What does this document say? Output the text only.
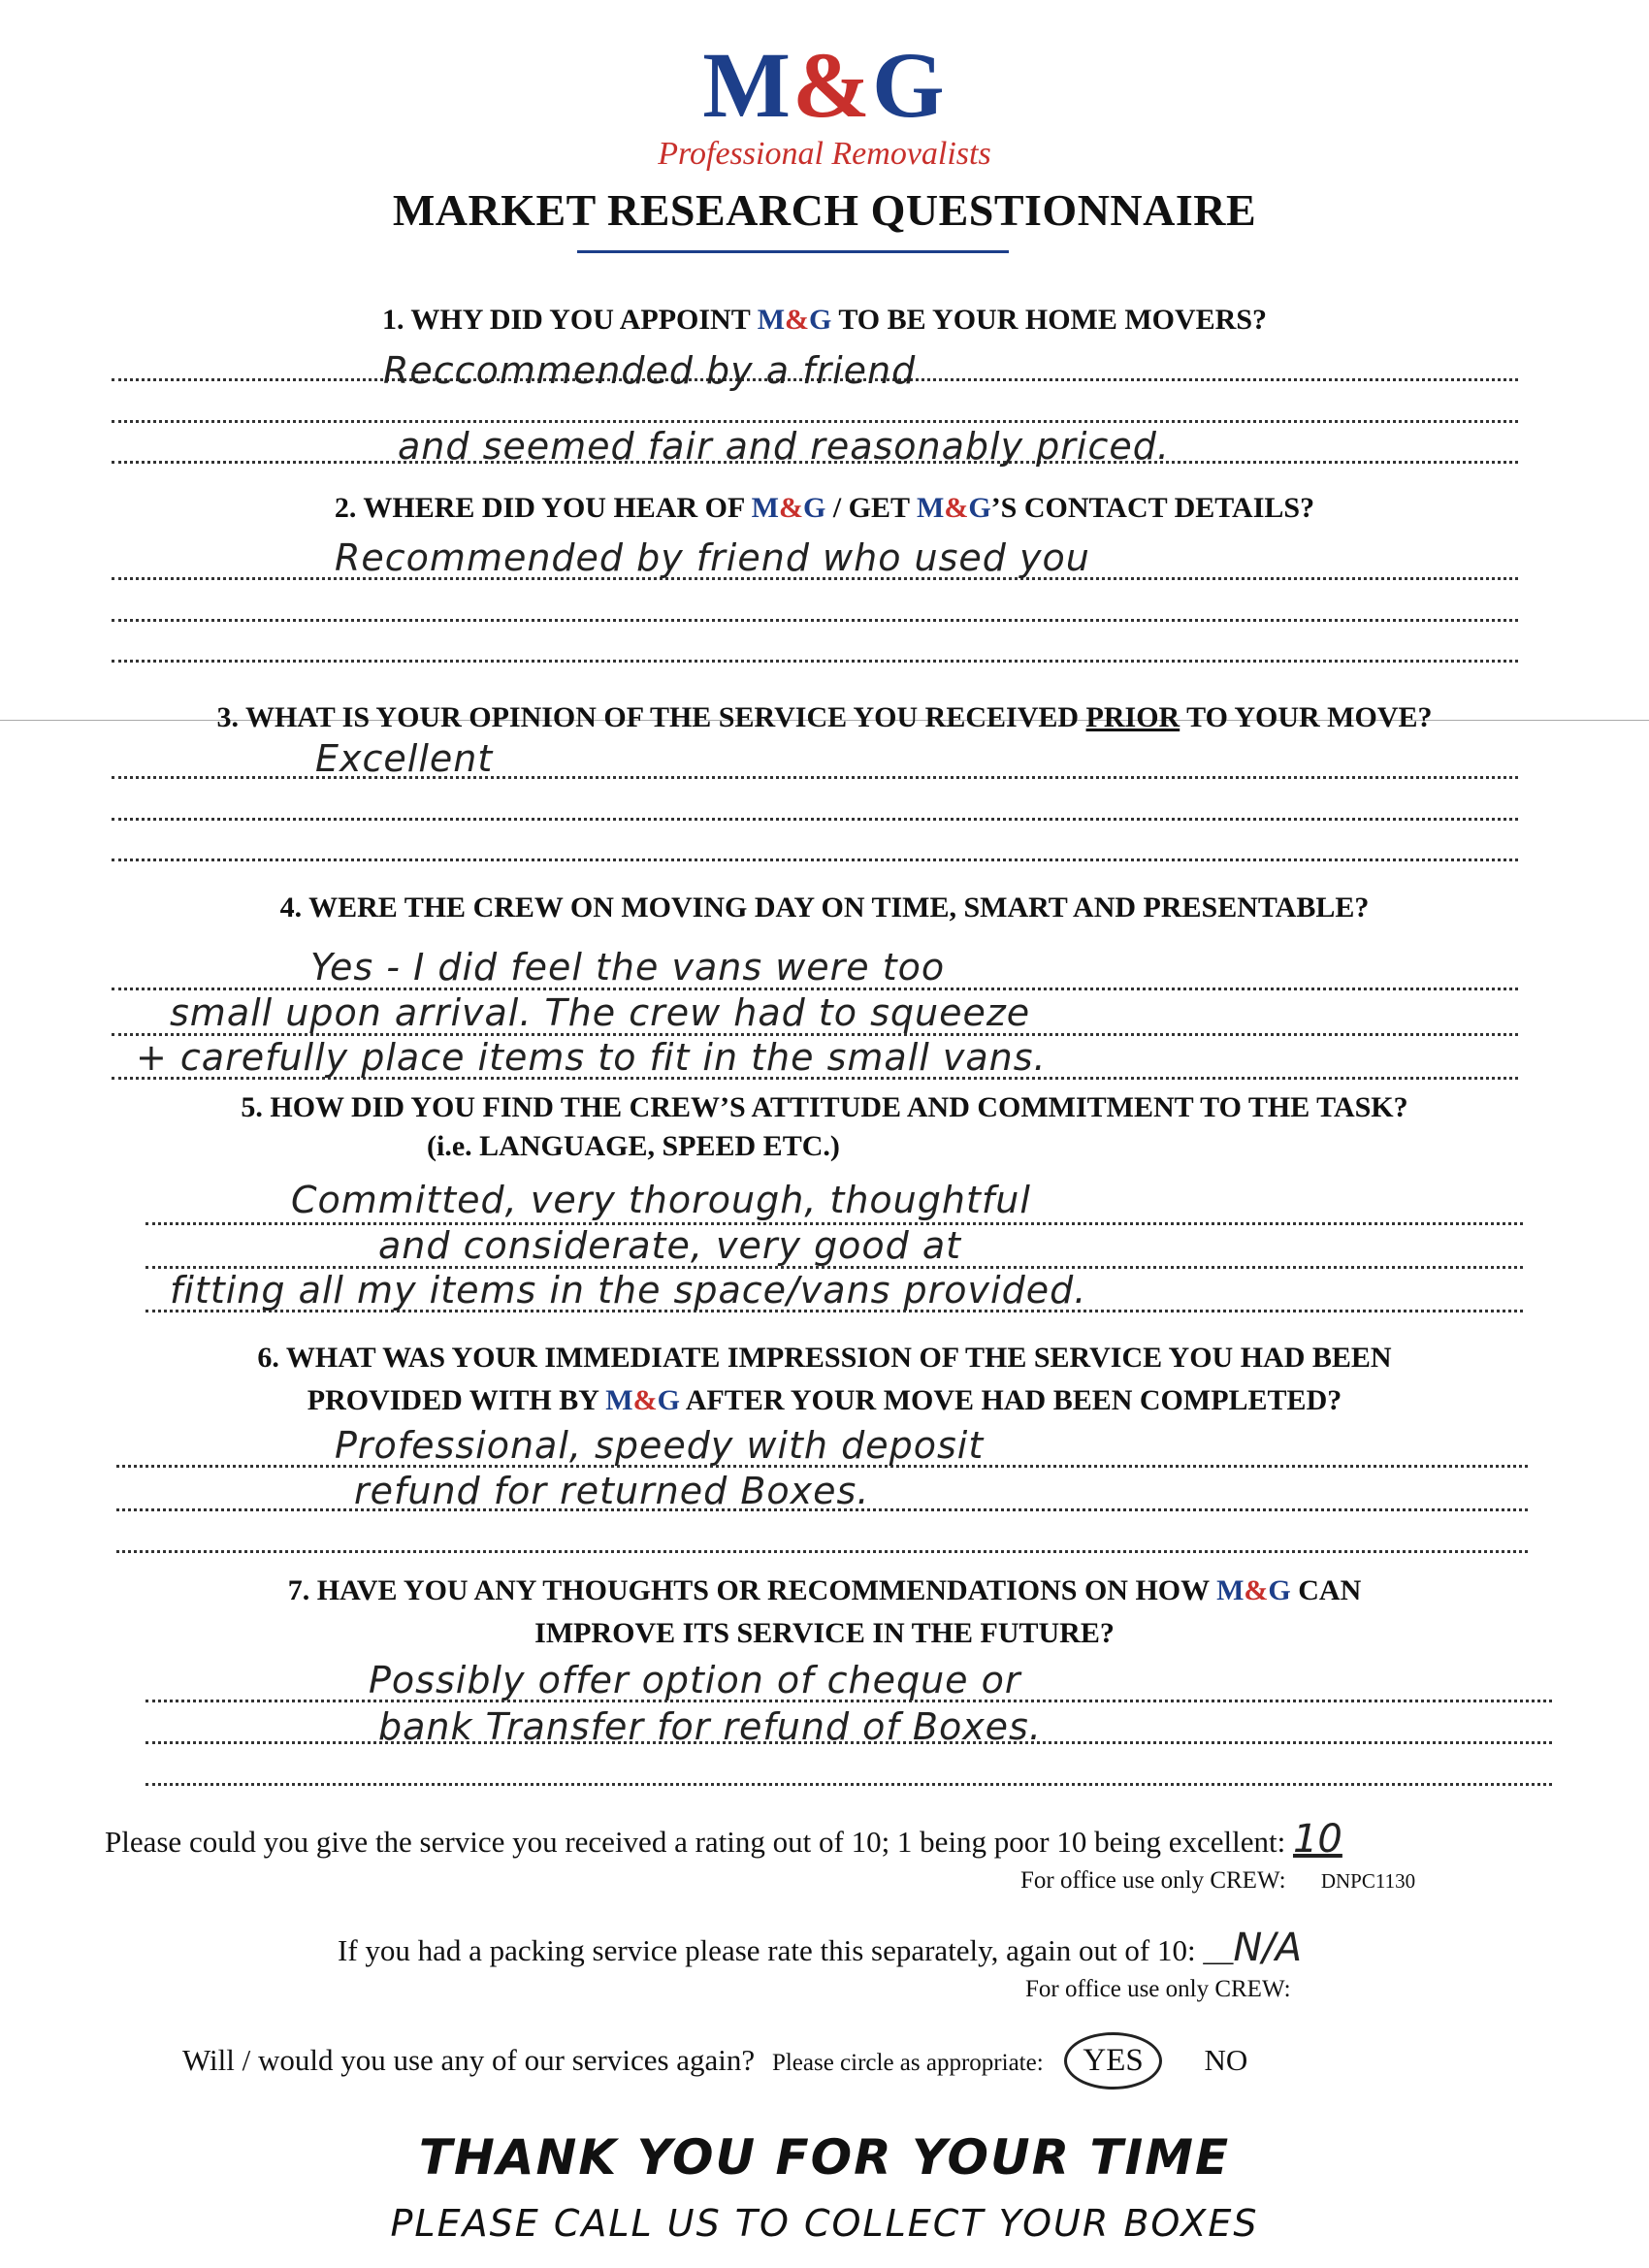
M&G
Professional Removalists
MARKET RESEARCH QUESTIONNAIRE
1. WHY DID YOU APPOINT M&G TO BE YOUR HOME MOVERS?
Reccommended by a friend
and seemed fair and reasonably priced.
2. WHERE DID YOU HEAR OF M&G / GET M&G’S CONTACT DETAILS?
Recommended by friend who used you
3. WHAT IS YOUR OPINION OF THE SERVICE YOU RECEIVED PRIOR TO YOUR MOVE?
Excellent
4. WERE THE CREW ON MOVING DAY ON TIME, SMART AND PRESENTABLE?
Yes - I did feel the vans were too
small upon arrival. The crew had to squeeze
+ carefully place items to fit in the small vans.
5. HOW DID YOU FIND THE CREW’S ATTITUDE AND COMMITMENT TO THE TASK?
(i.e. LANGUAGE, SPEED ETC.)
Committed, very thorough, thoughtful
and considerate, very good at
fitting all my items in the space/vans provided.
6. WHAT WAS YOUR IMMEDIATE IMPRESSION OF THE SERVICE YOU HAD BEEN
PROVIDED WITH BY M&G AFTER YOUR MOVE HAD BEEN COMPLETED?
Professional, speedy with deposit
refund for returned Boxes.
7. HAVE YOU ANY THOUGHTS OR RECOMMENDATIONS ON HOW M&G CAN
IMPROVE ITS SERVICE IN THE FUTURE?
Possibly offer option of cheque or
bank Transfer for refund of Boxes.
Please could you give the service you received a rating out of 10; 1 being poor 10 being excellent: 10
For office use only CREW: DNPC1130
If you had a packing service please rate this separately, again out of 10: __N/A
For office use only CREW:
Will / would you use any of our services again? Please circle as appropriate: YES NO
THANK YOU FOR YOUR TIME
PLEASE CALL US TO COLLECT YOUR BOXES
